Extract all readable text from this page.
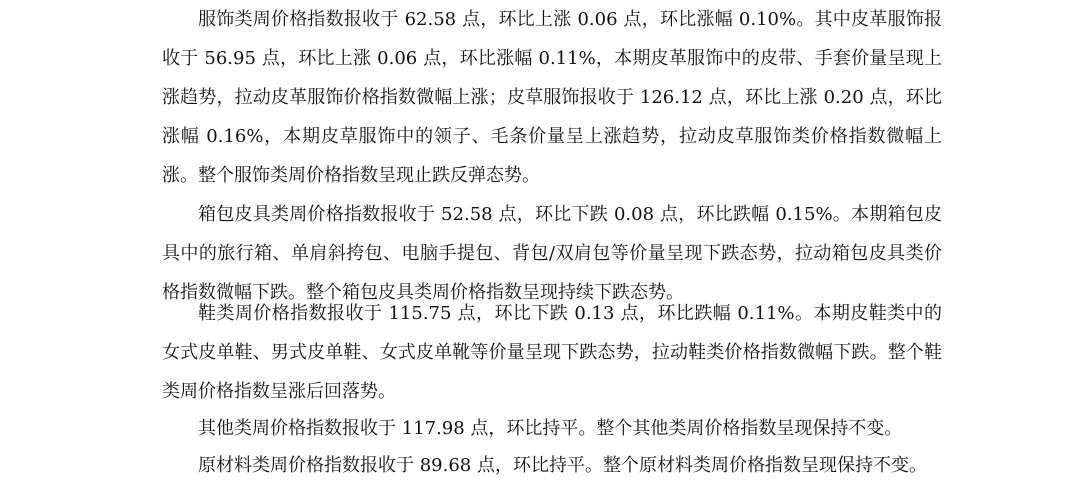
服饰类周价格指数报收于 62.58 点，环比上涨 0.06 点，环比涨幅 0.10%。其中皮革服饰报收于 56.95 点，环比上涨 0.06 点，环比涨幅 0.11%，本期皮革服饰中的皮带、手套价量呈现上涨趋势，拉动皮革服饰价格指数微幅上涨；皮草服饰报收于 126.12 点，环比上涨 0.20 点，环比涨幅 0.16%，本期皮草服饰中的领子、毛条价量呈上涨趋势，拉动皮草服饰类价格指数微幅上涨。整个服饰类周价格指数呈现止跌反弹态势。

箱包皮具类周价格指数报收于 52.58 点，环比下跌 0.08 点，环比跌幅 0.15%。本期箱包皮具中的旅行箱、单肩斜挎包、电脑手提包、背包/双肩包等价量呈现下跌态势，拉动箱包皮具类价格指数微幅下跌。整个箱包皮具类周价格指数呈现持续下跌态势。

鞋类周价格指数报收于 115.75 点，环比下跌 0.13 点，环比跌幅 0.11%。本期皮鞋类中的女式皮单鞋、男式皮单鞋、女式皮单靴等价量呈现下跌态势，拉动鞋类价格指数微幅下跌。整个鞋类周价格指数呈涨后回落势。

其他类周价格指数报收于 117.98 点，环比持平。整个其他类周价格指数呈现保持不变。

原材料类周价格指数报收于 89.68 点，环比持平。整个原材料类周价格指数呈现保持不变。
